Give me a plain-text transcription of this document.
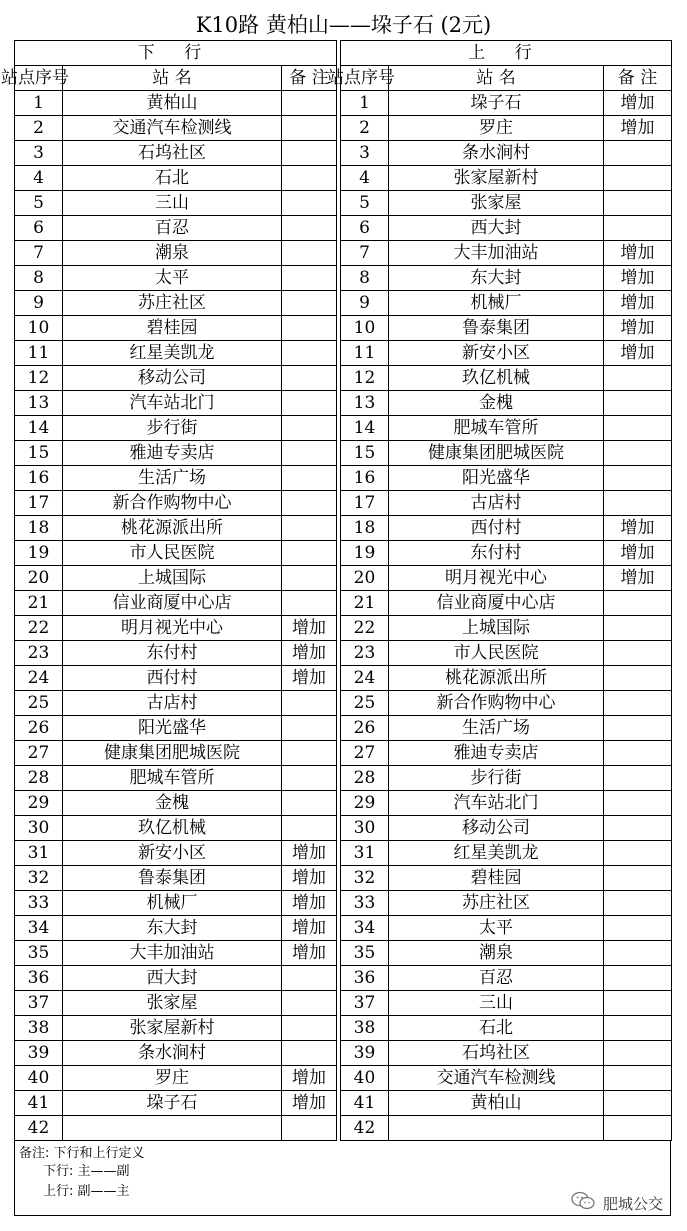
K10路 黄柏山——垜子石 (2元)
下 行		
站点序号	站 名	备 注
1	黄柏山	
2	交通汽车检测线	
3	石坞社区	
4	石北	
5	三山	
6	百忍	
7	潮泉	
8	太平	
9	苏庄社区	
10	碧桂园	
11	红星美凯龙	
12	移动公司	
13	汽车站北门	
14	步行街	
15	雅迪专卖店	
16	生活广场	
17	新合作购物中心	
18	桃花源派出所	
19	市人民医院	
20	上城国际	
21	信业商厦中心店	
22	明月视光中心	增加
23	东付村	增加
24	西付村	增加
25	古店村	
26	阳光盛华	
27	健康集团肥城医院	
28	肥城车管所	
29	金槐	
30	玖亿机械	
31	新安小区	增加
32	鲁泰集团	增加
33	机械厂	增加
34	东大封	增加
35	大丰加油站	增加
36	西大封	
37	张家屋	
38	张家屋新村	
39	条水涧村	
40	罗庄	增加
41	垜子石	增加
42		
上 行		
站点序号	站 名	备 注
1	垜子石	增加
2	罗庄	增加
3	条水涧村	
4	张家屋新村	
5	张家屋	
6	西大封	
7	大丰加油站	增加
8	东大封	增加
9	机械厂	增加
10	鲁泰集团	增加
11	新安小区	增加
12	玖亿机械	
13	金槐	
14	肥城车管所	
15	健康集团肥城医院	
16	阳光盛华	
17	古店村	
18	西付村	增加
19	东付村	增加
20	明月视光中心	增加
21	信业商厦中心店	
22	上城国际	
23	市人民医院	
24	桃花源派出所	
25	新合作购物中心	
26	生活广场	
27	雅迪专卖店	
28	步行街	
29	汽车站北门	
30	移动公司	
31	红星美凯龙	
32	碧桂园	
33	苏庄社区	
34	太平	
35	潮泉	
36	百忍	
37	三山	
38	石北	
39	石坞社区	
40	交通汽车检测线	
41	黄柏山	
42		
备注: 下行和上行定义
下行: 主——副
上行: 副——主
肥城公交
